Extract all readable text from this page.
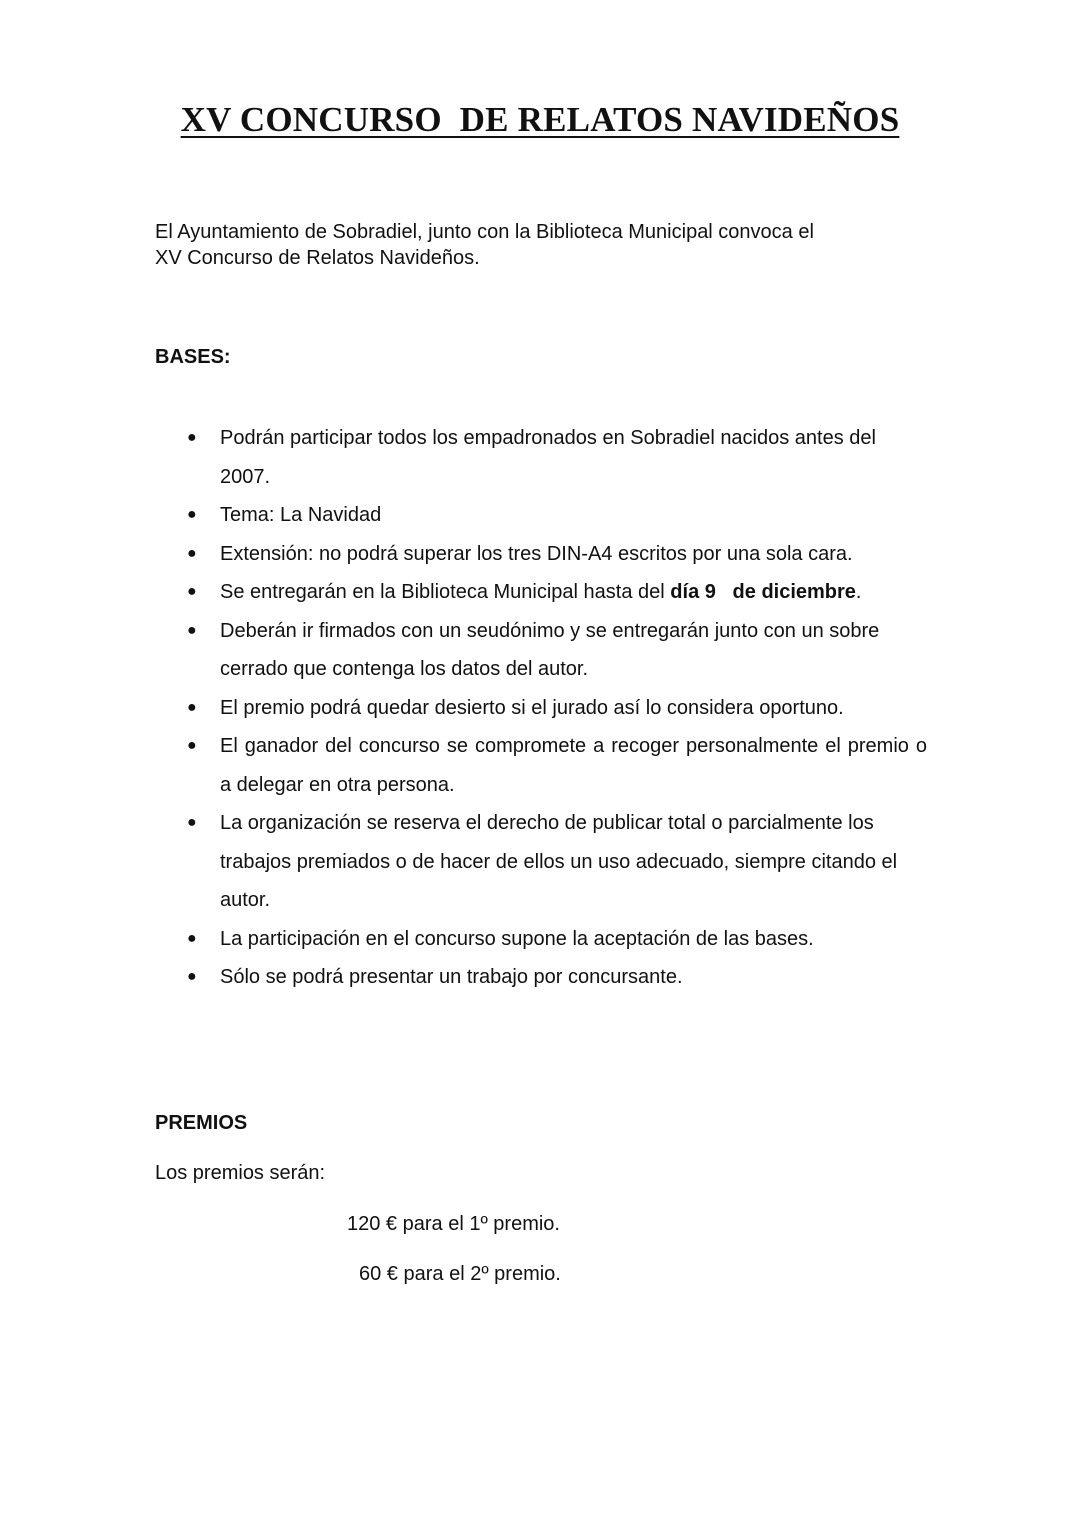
XV CONCURSO  DE RELATOS NAVIDEÑOS

El Ayuntamiento de Sobradiel, junto con la Biblioteca Municipal convoca el
XV Concurso de Relatos Navideños.

BASES:
● Podrán participar todos los empadronados en Sobradiel nacidos antes del 2007.
● Tema: La Navidad
● Extensión: no podrá superar los tres DIN-A4 escritos por una sola cara.
● Se entregarán en la Biblioteca Municipal hasta del día 9   de diciembre.
● Deberán ir firmados con un seudónimo y se entregarán junto con un sobre cerrado que contenga los datos del autor.
● El premio podrá quedar desierto si el jurado así lo considera oportuno.
● El ganador del concurso se compromete a recoger personalmente el premio o a delegar en otra persona.
● La organización se reserva el derecho de publicar total o parcialmente los trabajos premiados o de hacer de ellos un uso adecuado, siempre citando el autor.
● La participación en el concurso supone la aceptación de las bases.
● Sólo se podrá presentar un trabajo por concursante.
PREMIOS

Los premios serán:

120 € para el 1º premio.

60 € para el 2º premio.
